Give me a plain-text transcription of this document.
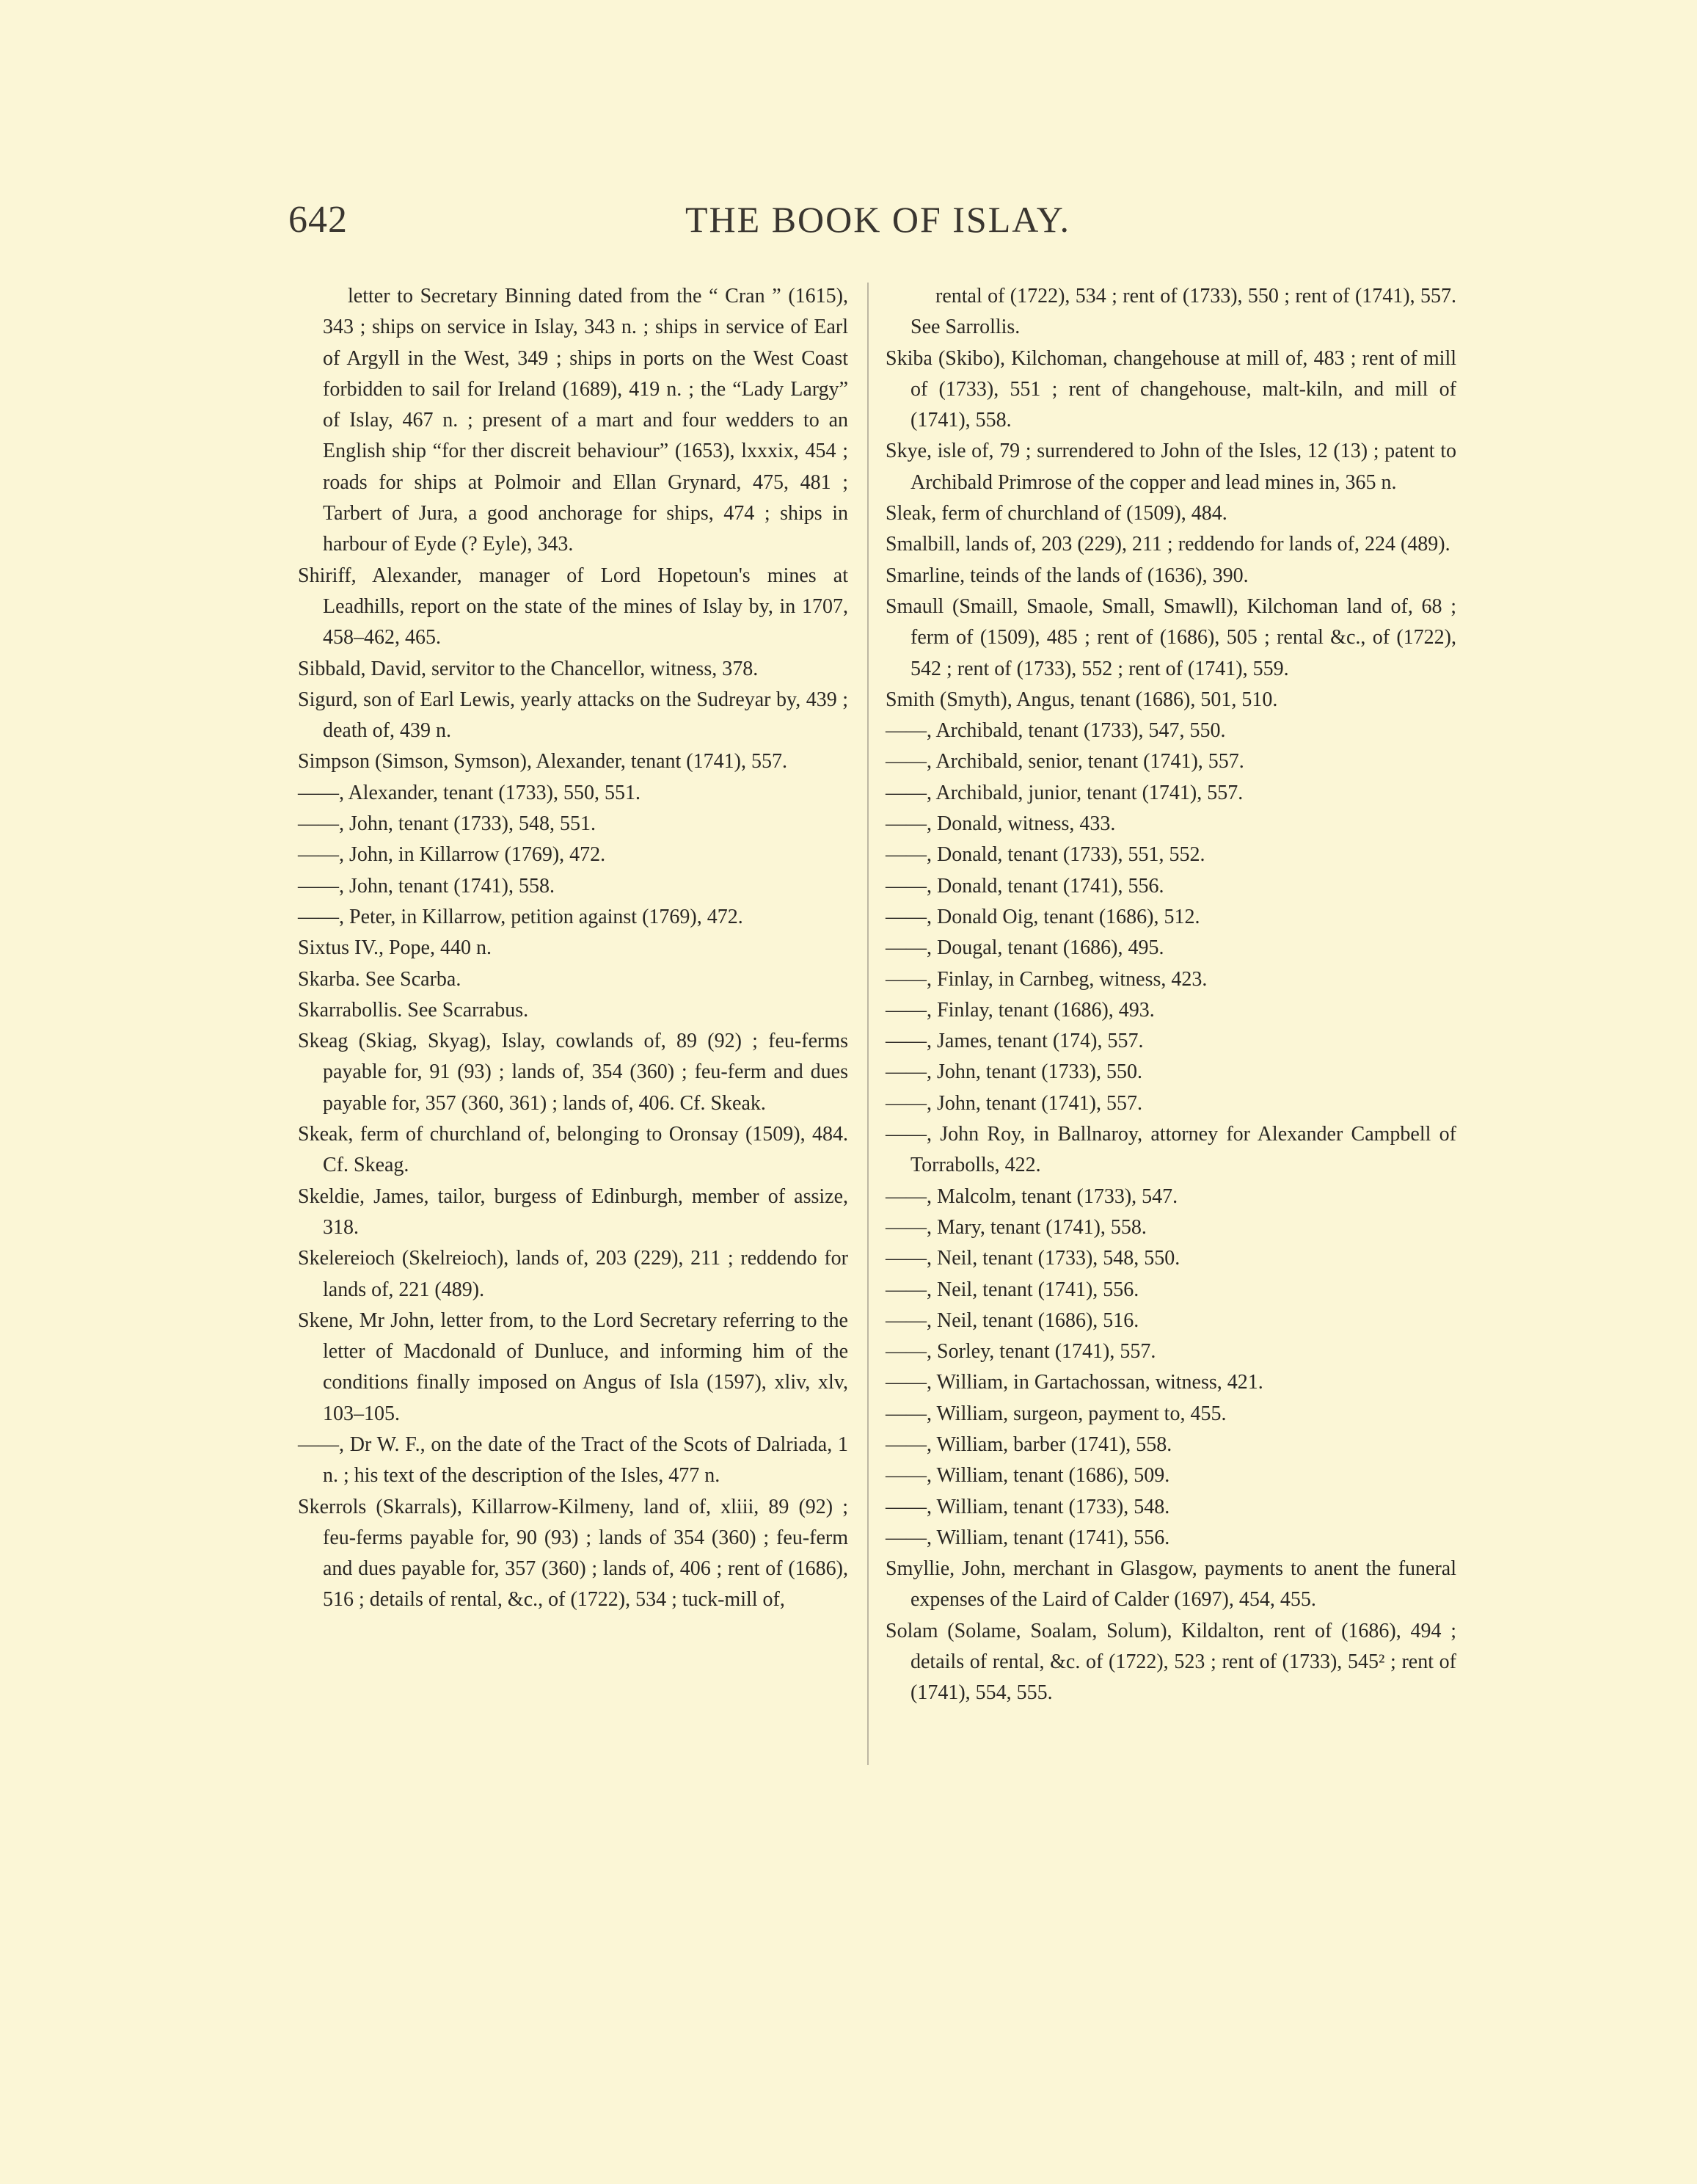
642	THE BOOK OF ISLAY.

letter to Secretary Binning dated from the “ Cran ” (1615), 343 ; ships on service in Islay, 343 n. ; ships in service of Earl of Argyll in the West, 349 ; ships in ports on the West Coast forbidden to sail for Ireland (1689), 419 n. ; the “Lady Largy” of Islay, 467 n. ; present of a mart and four wedders to an English ship “for ther discreit behaviour” (1653), lxxxix, 454 ; roads for ships at Polmoir and Ellan Grynard, 475, 481 ; Tarbert of Jura, a good anchorage for ships, 474 ; ships in harbour of Eyde (? Eyle), 343.

Shiriff, Alexander, manager of Lord Hopetoun's mines at Leadhills, report on the state of the mines of Islay by, in 1707, 458–462, 465.

Sibbald, David, servitor to the Chancellor, witness, 378.

Sigurd, son of Earl Lewis, yearly attacks on the Sudreyar by, 439 ; death of, 439 n.

Simpson (Simson, Symson), Alexander, tenant (1741), 557.

——, Alexander, tenant (1733), 550, 551.

——, John, tenant (1733), 548, 551.

——, John, in Killarrow (1769), 472.

——, John, tenant (1741), 558.

——, Peter, in Killarrow, petition against (1769), 472.

Sixtus IV., Pope, 440 n.

Skarba. See Scarba.

Skarrabollis. See Scarrabus.

Skeag (Skiag, Skyag), Islay, cowlands of, 89 (92) ; feu-ferms payable for, 91 (93) ; lands of, 354 (360) ; feu-ferm and dues payable for, 357 (360, 361) ; lands of, 406. Cf. Skeak.

Skeak, ferm of churchland of, belonging to Oronsay (1509), 484. Cf. Skeag.

Skeldie, James, tailor, burgess of Edinburgh, member of assize, 318.

Skelereioch (Skelreioch), lands of, 203 (229), 211 ; reddendo for lands of, 221 (489).

Skene, Mr John, letter from, to the Lord Secretary referring to the letter of Macdonald of Dunluce, and informing him of the conditions finally imposed on Angus of Isla (1597), xliv, xlv, 103–105.

——, Dr W. F., on the date of the Tract of the Scots of Dalriada, 1 n. ; his text of the description of the Isles, 477 n.

Skerrols (Skarrals), Killarrow-Kilmeny, land of, xliii, 89 (92) ; feu-ferms payable for, 90 (93) ; lands of 354 (360) ; feu-ferm and dues payable for, 357 (360) ; lands of, 406 ; rent of (1686), 516 ; details of rental, &c., of (1722), 534 ; tuck-mill of,

rental of (1722), 534 ; rent of (1733), 550 ; rent of (1741), 557. See Sarrollis.

Skiba (Skibo), Kilchoman, changehouse at mill of, 483 ; rent of mill of (1733), 551 ; rent of changehouse, malt-kiln, and mill of (1741), 558.

Skye, isle of, 79 ; surrendered to John of the Isles, 12 (13) ; patent to Archibald Primrose of the copper and lead mines in, 365 n.

Sleak, ferm of churchland of (1509), 484.

Smalbill, lands of, 203 (229), 211 ; reddendo for lands of, 224 (489).

Smarline, teinds of the lands of (1636), 390.

Smaull (Smaill, Smaole, Small, Smawll), Kilchoman land of, 68 ; ferm of (1509), 485 ; rent of (1686), 505 ; rental &c., of (1722), 542 ; rent of (1733), 552 ; rent of (1741), 559.

Smith (Smyth), Angus, tenant (1686), 501, 510.

——, Archibald, tenant (1733), 547, 550.

——, Archibald, senior, tenant (1741), 557.

——, Archibald, junior, tenant (1741), 557.

——, Donald, witness, 433.

——, Donald, tenant (1733), 551, 552.

——, Donald, tenant (1741), 556.

——, Donald Oig, tenant (1686), 512.

——, Dougal, tenant (1686), 495.

——, Finlay, in Carnbeg, witness, 423.

——, Finlay, tenant (1686), 493.

——, James, tenant (174), 557.

——, John, tenant (1733), 550.

——, John, tenant (1741), 557.

——, John Roy, in Ballnaroy, attorney for Alexander Campbell of Torrabolls, 422.

——, Malcolm, tenant (1733), 547.

——, Mary, tenant (1741), 558.

——, Neil, tenant (1733), 548, 550.

——, Neil, tenant (1741), 556.

——, Neil, tenant (1686), 516.

——, Sorley, tenant (1741), 557.

——, William, in Gartachossan, witness, 421.

——, William, surgeon, payment to, 455.

——, William, barber (1741), 558.

——, William, tenant (1686), 509.

——, William, tenant (1733), 548.

——, William, tenant (1741), 556.

Smyllie, John, merchant in Glasgow, payments to anent the funeral expenses of the Laird of Calder (1697), 454, 455.

Solam (Solame, Soalam, Solum), Kildalton, rent of (1686), 494 ; details of rental, &c. of (1722), 523 ; rent of (1733), 545² ; rent of (1741), 554, 555.
